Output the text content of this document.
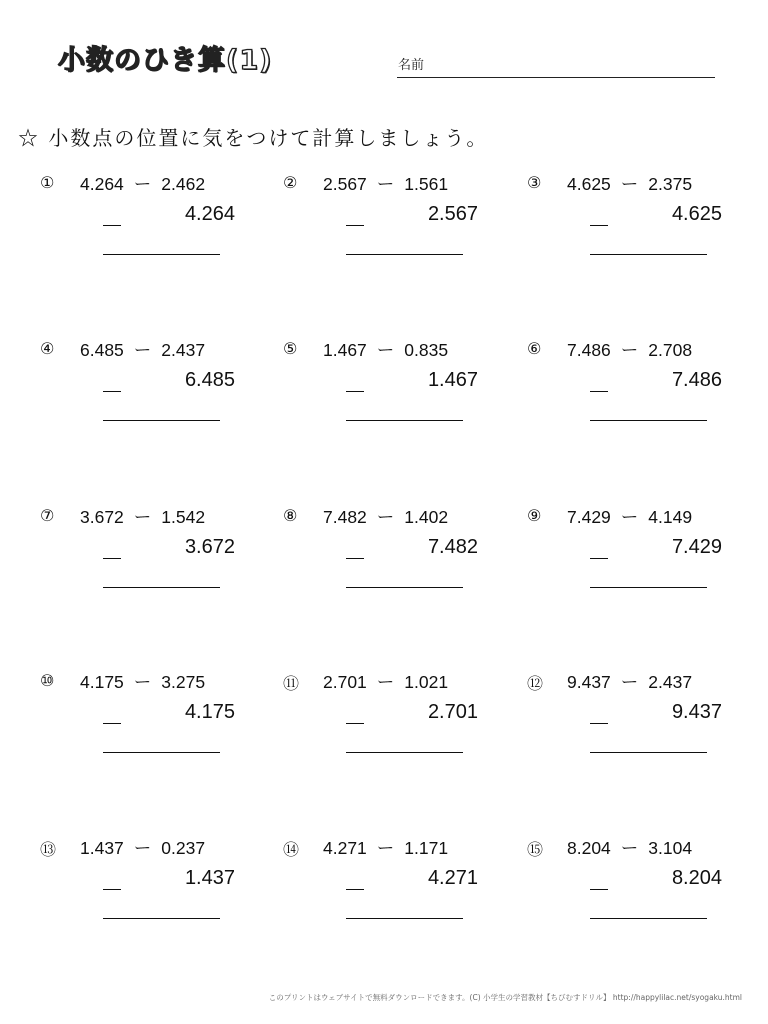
小数のひき算(1)	名前
☆ 小数点の位置に気をつけて計算しましょう。
① 4.264 ー 2.462
4.264
② 2.567 ー 1.561
2.567
③ 4.625 ー 2.375
4.625
④ 6.485 ー 2.437
6.485
⑤ 1.467 ー 0.835
1.467
⑥ 7.486 ー 2.708
7.486
⑦ 3.672 ー 1.542
3.672
⑧ 7.482 ー 1.402
7.482
⑨ 7.429 ー 4.149
7.429
⑩ 4.175 ー 3.275
4.175
⑪ 2.701 ー 1.021
2.701
⑫ 9.437 ー 2.437
9.437
⑬ 1.437 ー 0.237
1.437
⑭ 4.271 ー 1.171
4.271
⑮ 8.204 ー 3.104
8.204
このプリントはウェブサイトで無料ダウンロードできます。(C) 小学生の学習教材【ちびむすドリル】 http://happylilac.net/syogaku.html
